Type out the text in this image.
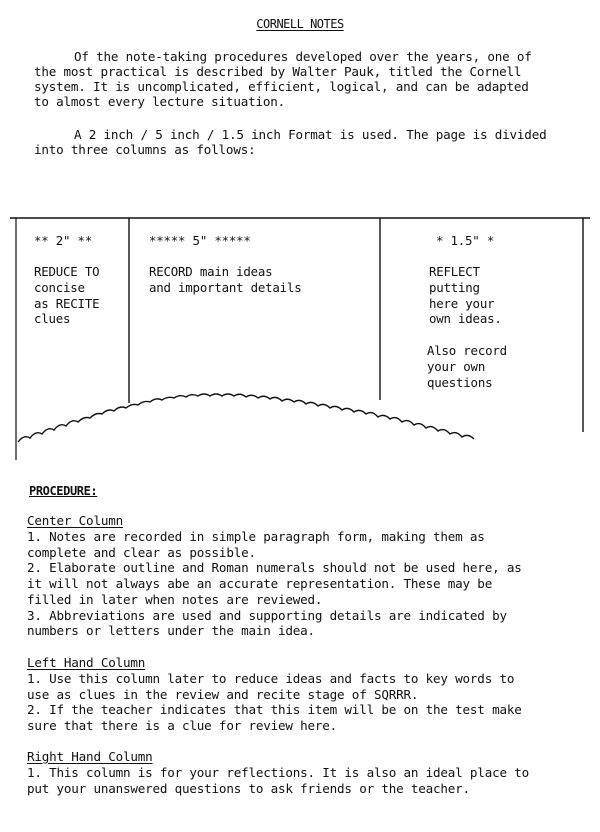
CORNELL NOTES
Of the note-taking procedures developed over the years, one of
the most practical is described by Walter Pauk, titled the Cornell
system. It is uncomplicated, efficient, logical, and can be adapted
to almost every lecture situation.
A 2 inch / 5 inch / 1.5 inch Format is used. The page is divided
into three columns as follows:
** 2" **	***** 5" *****	* 1.5" *
REDUCE TO
concise
as RECITE
clues
RECORD main ideas
and important details
REFLECT
putting
here your
own ideas.
Also record
your own
questions
PROCEDURE:
Center Column
1. Notes are recorded in simple paragraph form, making them as
complete and clear as possible.
2. Elaborate outline and Roman numerals should not be used here, as
it will not always abe an accurate representation. These may be
filled in later when notes are reviewed.
3. Abbreviations are used and supporting details are indicated by
numbers or letters under the main idea.
Left Hand Column
1. Use this column later to reduce ideas and facts to key words to
use as clues in the review and recite stage of SQRRR.
2. If the teacher indicates that this item will be on the test make
sure that there is a clue for review here.
Right Hand Column
1. This column is for your reflections. It is also an ideal place to
put your unanswered questions to ask friends or the teacher.
